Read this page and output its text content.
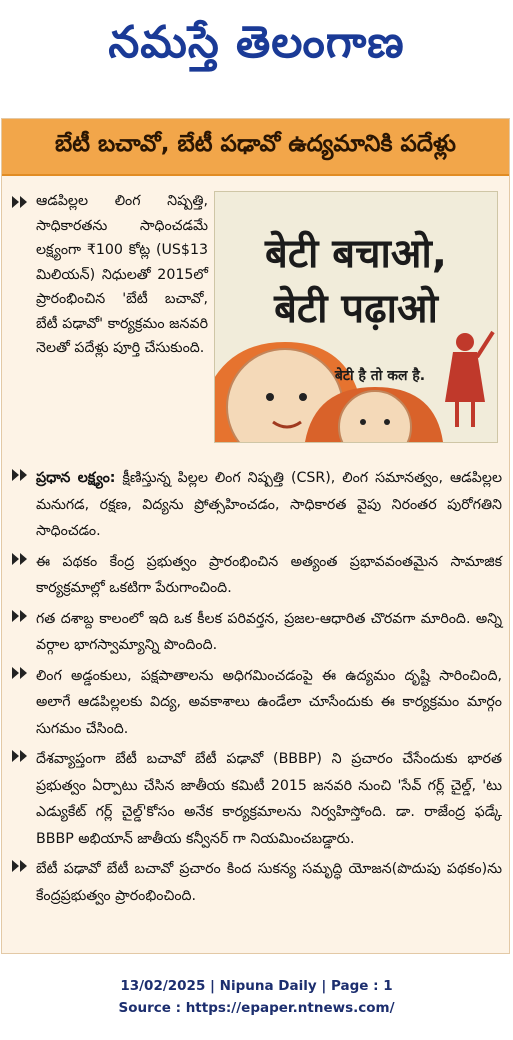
నమస్తే తెలంగాణ
బేటీ బచావో, బేటీ పఢావో ఉద్యమానికి పదేళ్లు
ఆడపిల్లల లింగ నిష్పత్తి, సాధికారతను సాధించడమే లక్ష్యంగా ₹100 కోట్ల (US$13 మిలియన్) నిధులతో 2015లో ప్రారంభించిన 'బేటీ బచావో, బేటీ పఢావో' కార్యక్రమం జనవరి నెలతో పదేళ్లు పూర్తి చేసుకుంది.
बेटी बचाओ,
बेटी पढ़ाओ
बेटी है तो कल है.
ప్రధాన లక్ష్యం: క్షీణిస్తున్న పిల్లల లింగ నిష్పత్తి (CSR), లింగ సమానత్వం, ఆడపిల్లల మనుగడ, రక్షణ, విద్యను ప్రోత్సహించడం, సాధికారత వైపు నిరంతర పురోగతిని సాధించడం.
ఈ పథకం కేంద్ర ప్రభుత్వం ప్రారంభించిన అత్యంత ప్రభావవంతమైన సామాజిక కార్యక్రమాల్లో ఒకటిగా పేరుగాంచింది.
గత దశాబ్ద కాలంలో ఇది ఒక కీలక పరివర్తన, ప్రజల-ఆధారిత చొరవగా మారింది. అన్ని వర్గాల భాగస్వామ్యాన్ని పొందింది.
లింగ అడ్డంకులు, పక్షపాతాలను అధిగమించడంపై ఈ ఉద్యమం దృష్టి సారించింది, అలాగే ఆడపిల్లలకు విద్య, అవకాశాలు ఉండేలా చూసేందుకు ఈ కార్యక్రమం మార్గం సుగమం చేసింది.
దేశవ్యాప్తంగా బేటీ బచావో బేటీ పఢావో (BBBP) ని ప్రచారం చేసేందుకు భారత ప్రభుత్వం ఏర్పాటు చేసిన జాతీయ కమిటీ 2015 జనవరి నుంచి 'సేవ్ గర్ల్ చైల్డ్, 'టు ఎడ్యుకేట్ గర్ల్ చైల్డ్'కోసం అనేక కార్యక్రమాలను నిర్వహిస్తోంది. డా. రాజేంద్ర ఫడ్కే BBBP అభియాన్ జాతీయ కన్వీనర్ గా నియమించబడ్డారు.
బేటీ పఢావో బేటీ బచావో ప్రచారం కింద సుకన్య సమృద్ధి యోజన(పొదుపు పథకం)ను కేంద్రప్రభుత్వం ప్రారంభించింది.
13/02/2025 | Nipuna Daily | Page : 1
Source : https://epaper.ntnews.com/
